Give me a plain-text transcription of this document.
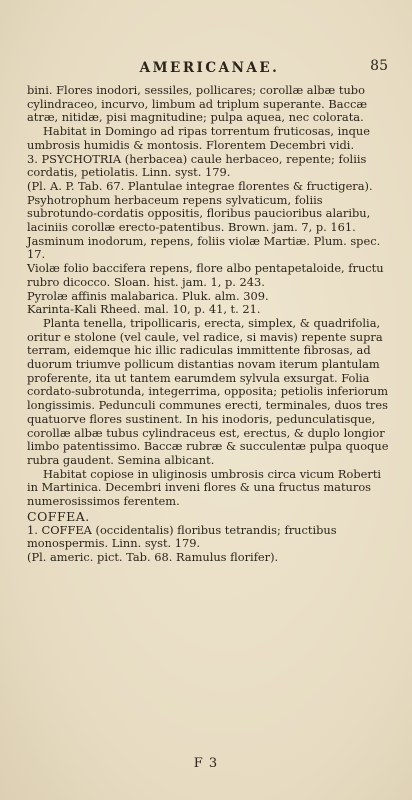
AMERICANAE.	85

bini. Flores inodori, sessiles, pollicares; corollæ albæ tubo cylindraceo, incurvo, limbum ad triplum superante. Baccæ atræ, nitidæ, pisi magnitudine; pulpa aquea, nec colorata.

Habitat in Domingo ad ripas torrentum fruticosas, inque umbrosis humidis & montosis. Florentem Decembri vidi.

3. PSYCHOTRIA (herbacea) caule herbaceo, repente; foliis cordatis, petiolatis. Linn. syst. 179.

(Pl. A. P. Tab. 67. Plantulae integrae florentes & fructigera).

Psyhotrophum herbaceum repens sylvaticum, foliis subrotundo-cordatis oppositis, floribus paucioribus alaribu, laciniis corollæ erecto-patentibus. Brown. jam. 7, p. 161.

Jasminum inodorum, repens, foliis violæ Martiæ. Plum. spec. 17.

Violæ folio baccifera repens, flore albo pentapetaloide, fructu rubro dicocco. Sloan. hist. jam. 1, p. 243.

Pyrolæ affinis malabarica. Pluk. alm. 309.

Karinta-Kali Rheed. mal. 10, p. 41, t. 21.

Planta tenella, tripollicaris, erecta, simplex, & quadrifolia, oritur e stolone (vel caule, vel radice, si mavis) repente supra terram, eidemque hic illic radiculas immittente fibrosas, ad duorum triumve pollicum distantias novam iterum plantulam proferente, ita ut tantem earumdem sylvula exsurgat. Folia cordato-subrotunda, integerrima, opposita; petiolis inferiorum longissimis. Pedunculi communes erecti, terminales, duos tres quatuorve flores sustinent. In his inodoris, pedunculatisque, corollæ albæ tubus cylindraceus est, erectus, & duplo longior limbo patentissimo. Baccæ rubræ & succulentæ pulpa quoque rubra gaudent. Semina albicant.

Habitat copiose in uliginosis umbrosis circa vicum Roberti in Martinica. Decembri inveni flores & una fructus maturos numerosissimos ferentem.

COFFEA.

1. COFFEA (occidentalis) floribus tetrandis; fructibus monospermis. Linn. syst. 179.

(Pl. americ. pict. Tab. 68. Ramulus florifer).

F 3
